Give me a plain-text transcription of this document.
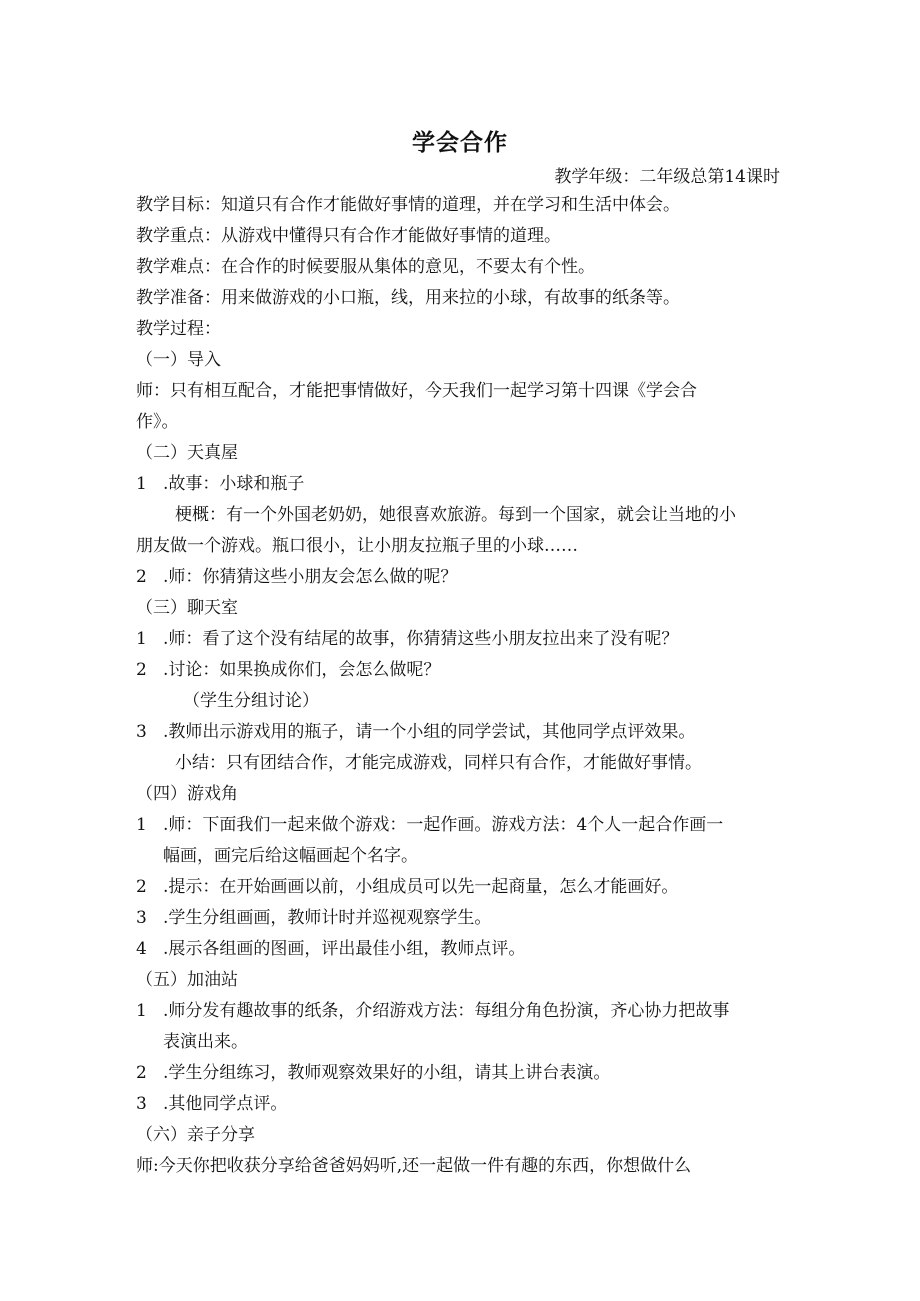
学会合作
教学年级：二年级总第14课时
教学目标：知道只有合作才能做好事情的道理，并在学习和生活中体会。
教学重点：从游戏中懂得只有合作才能做好事情的道理。
教学难点：在合作的时候要服从集体的意见，不要太有个性。
教学准备：用来做游戏的小口瓶，线，用来拉的小球，有故事的纸条等。
教学过程：
（一）导入
师：只有相互配合，才能把事情做好，今天我们一起学习第十四课《学会合
作》。
（二）天真屋
1 .故事：小球和瓶子
梗概：有一个外国老奶奶，她很喜欢旅游。每到一个国家，就会让当地的小
朋友做一个游戏。瓶口很小，让小朋友拉瓶子里的小球……
2 .师：你猜猜这些小朋友会怎么做的呢？
（三）聊天室
1 .师：看了这个没有结尾的故事，你猜猜这些小朋友拉出来了没有呢？
2 .讨论：如果换成你们，会怎么做呢？
（学生分组讨论）
3 .教师出示游戏用的瓶子，请一个小组的同学尝试，其他同学点评效果。
小结：只有团结合作，才能完成游戏，同样只有合作，才能做好事情。
（四）游戏角
1 .师：下面我们一起来做个游戏：一起作画。游戏方法：4个人一起合作画一
幅画，画完后给这幅画起个名字。
2 .提示：在开始画画以前，小组成员可以先一起商量，怎么才能画好。
3 .学生分组画画，教师计时并巡视观察学生。
4 .展示各组画的图画，评出最佳小组，教师点评。
（五）加油站
1 .师分发有趣故事的纸条，介绍游戏方法：每组分角色扮演，齐心协力把故事
表演出来。
2 .学生分组练习，教师观察效果好的小组，请其上讲台表演。
3 .其他同学点评。
（六）亲子分享
师:今天你把收获分享给爸爸妈妈听,还一起做一件有趣的东西，你想做什么
